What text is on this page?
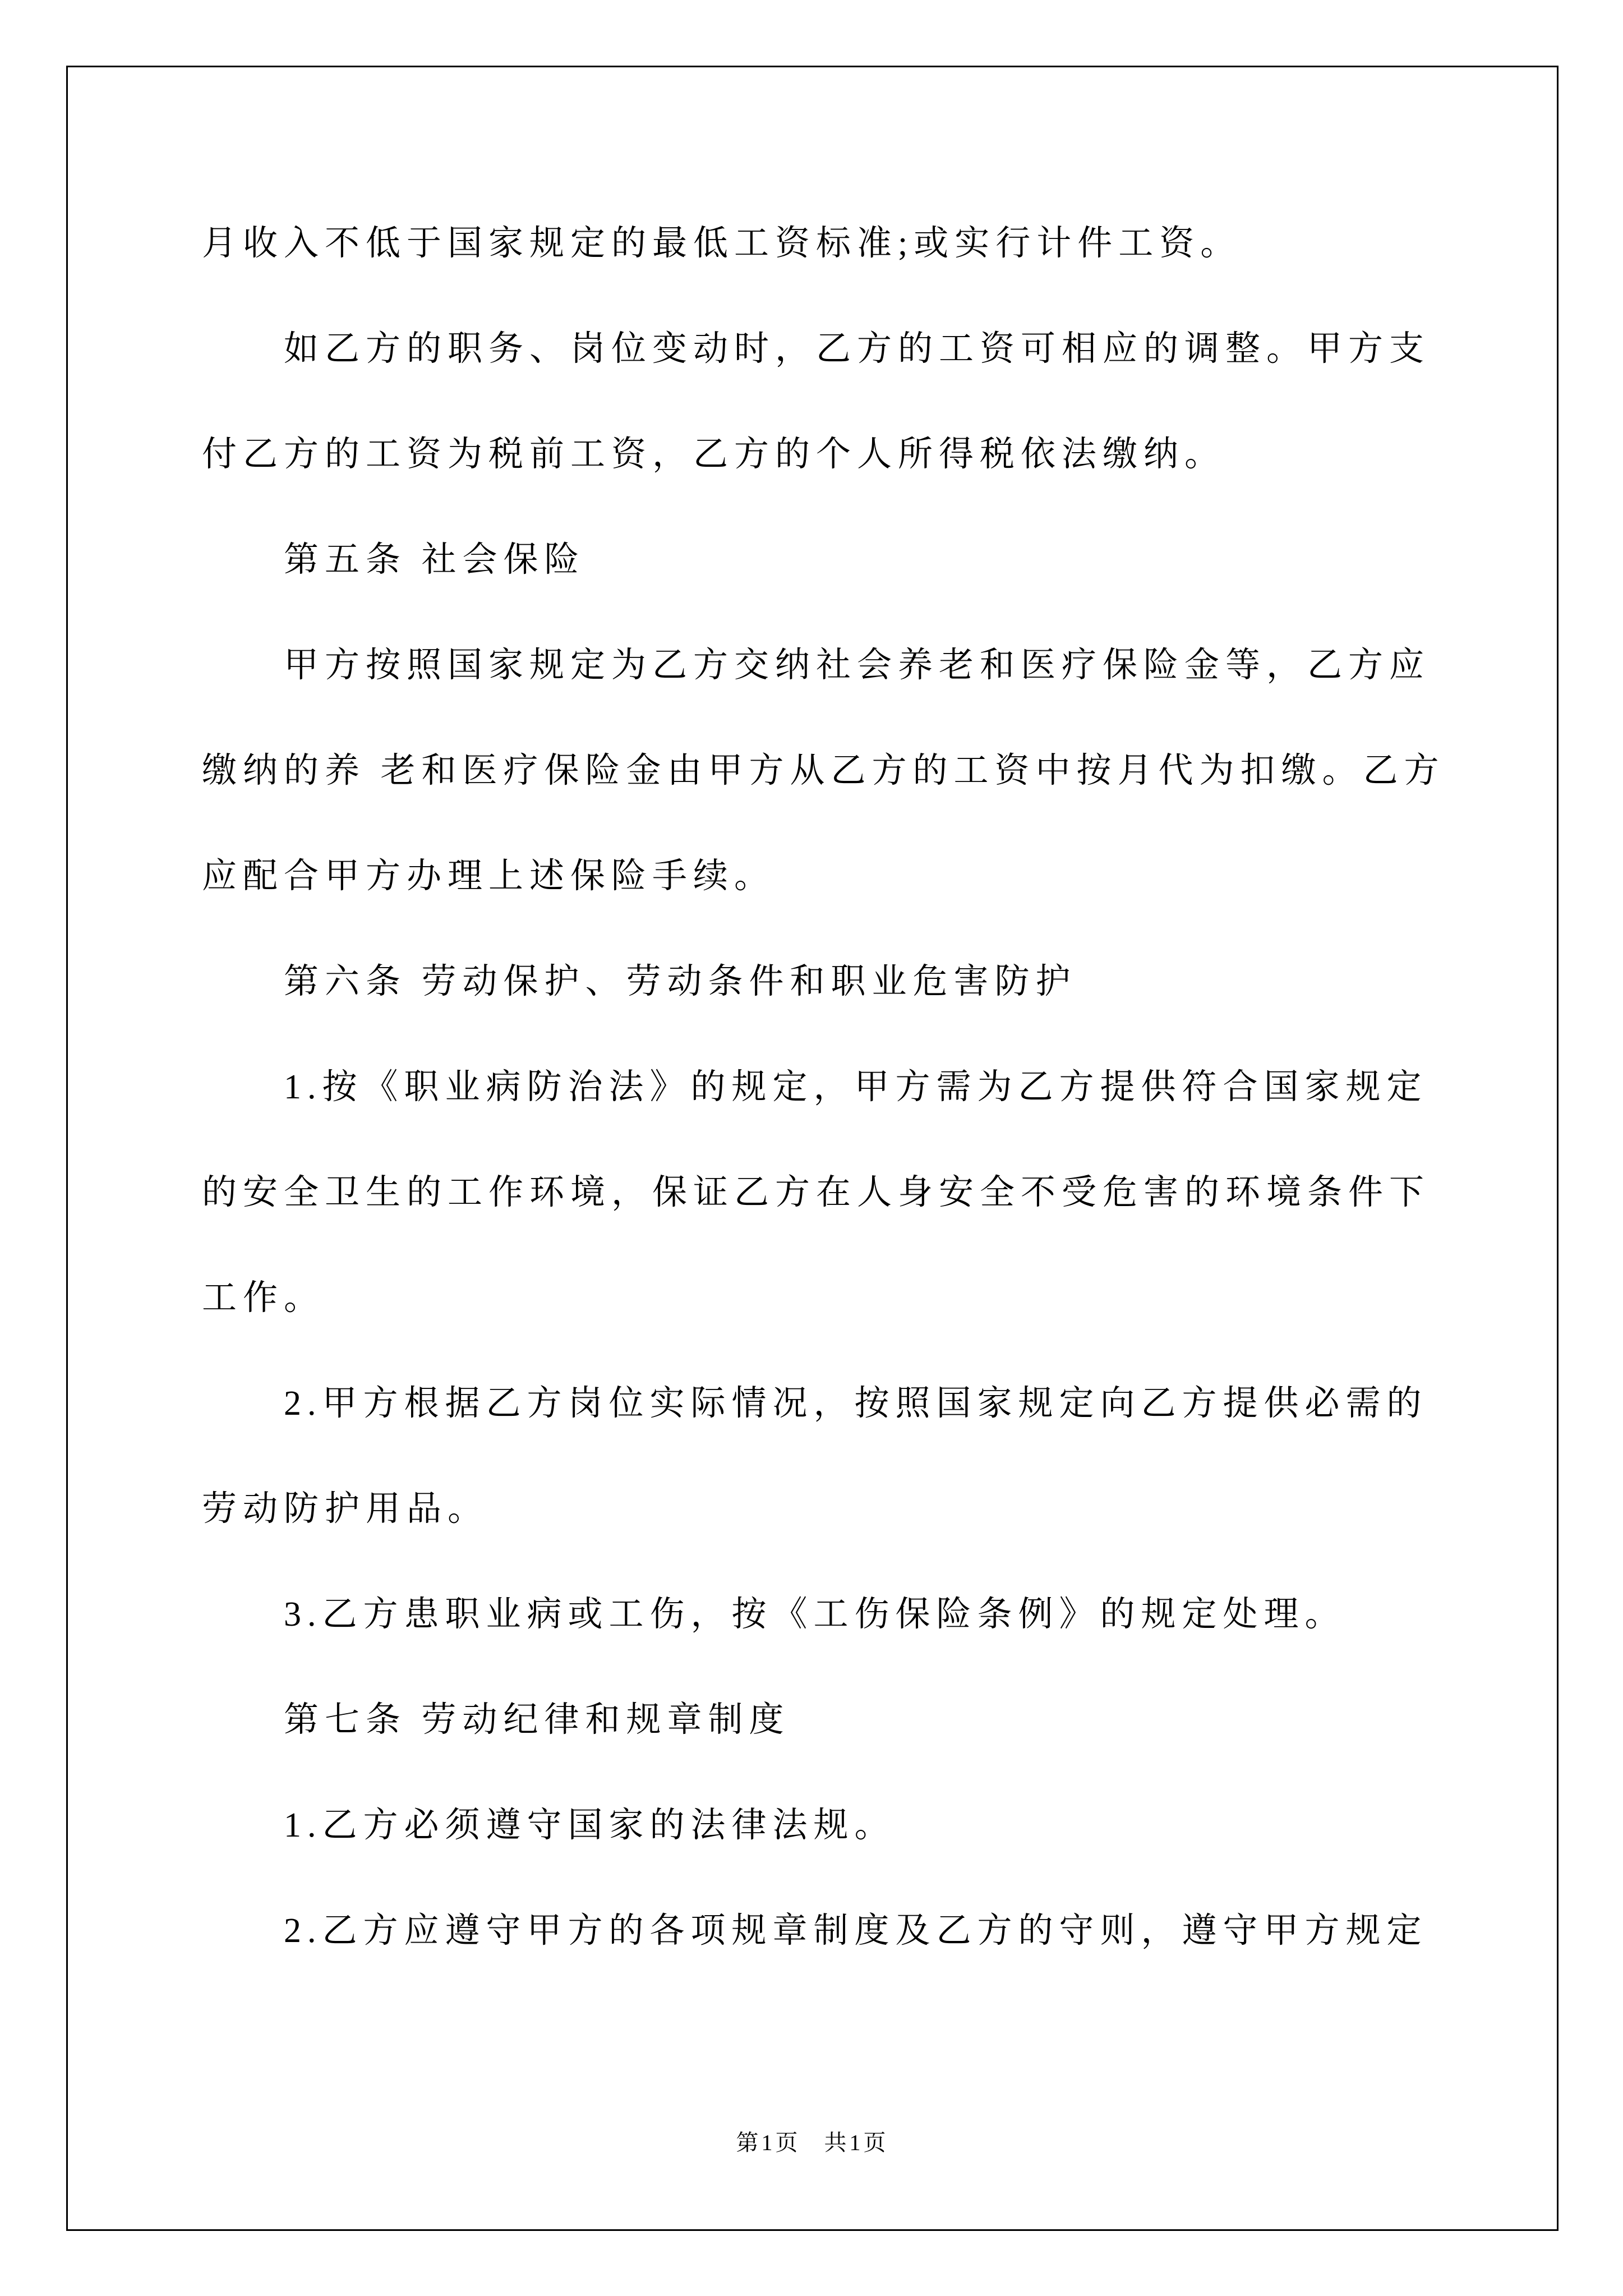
月收入不低于国家规定的最低工资标准;或实行计件工资。

如乙方的职务、岗位变动时，乙方的工资可相应的调整。甲方支

付乙方的工资为税前工资，乙方的个人所得税依法缴纳。

第五条 社会保险

甲方按照国家规定为乙方交纳社会养老和医疗保险金等，乙方应

缴纳的养 老和医疗保险金由甲方从乙方的工资中按月代为扣缴。乙方

应配合甲方办理上述保险手续。

第六条 劳动保护、劳动条件和职业危害防护

1.按《职业病防治法》的规定，甲方需为乙方提供符合国家规定

的安全卫生的工作环境，保证乙方在人身安全不受危害的环境条件下

工作。

2.甲方根据乙方岗位实际情况，按照国家规定向乙方提供必需的

劳动防护用品。

3.乙方患职业病或工伤，按《工伤保险条例》的规定处理。

第七条 劳动纪律和规章制度

1.乙方必须遵守国家的法律法规。

2.乙方应遵守甲方的各项规章制度及乙方的守则，遵守甲方规定

第1页 共1页
